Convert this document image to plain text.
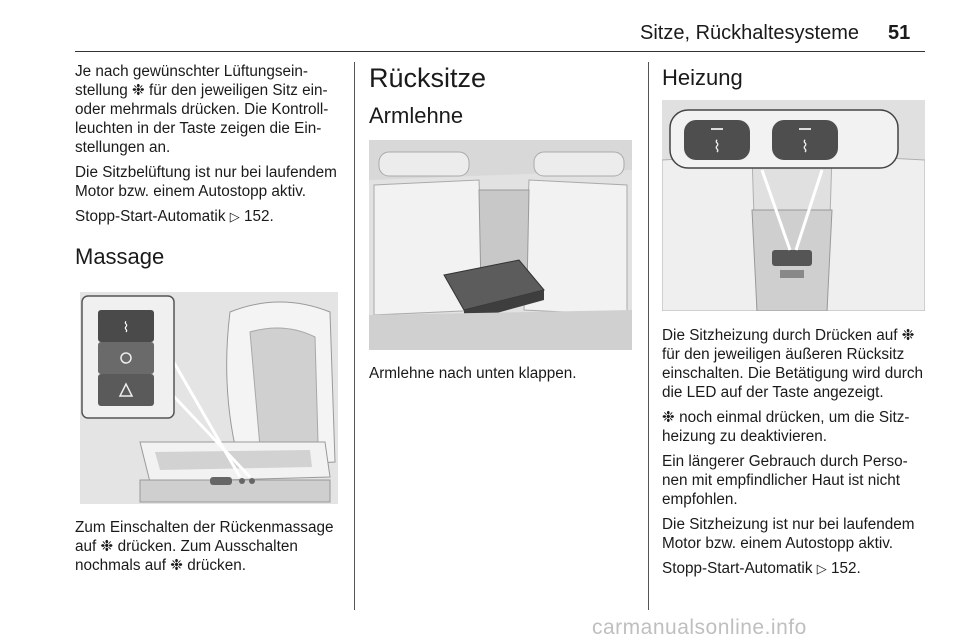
Sitze, Rückhaltesysteme 51

Je nach gewünschter Lüftungseinstellung ❉ für den jeweiligen Sitz ein- oder mehrmals drücken. Die Kontrollleuchten in der Taste zeigen die Einstellungen an.

Die Sitzbelüftung ist nur bei laufendem Motor bzw. einem Autostopp aktiv.

Stopp-Start-Automatik ▷ 152.

Massage
⌇

Zum Einschalten der Rückenmassage auf ❉ drücken. Zum Ausschalten nochmals auf ❉ drücken.

Rücksitze
Armlehne

Armlehne nach unten klappen.

Heizung
⌇	⌇

Die Sitzheizung durch Drücken auf ❉ für den jeweiligen äußeren Rücksitz einschalten. Die Betätigung wird durch die LED auf der Taste angezeigt.

❉ noch einmal drücken, um die Sitzheizung zu deaktivieren.

Ein längerer Gebrauch durch Personen mit empfindlicher Haut ist nicht empfohlen.

Die Sitzheizung ist nur bei laufendem Motor bzw. einem Autostopp aktiv.

Stopp-Start-Automatik ▷ 152.

carmanualsonline.info
